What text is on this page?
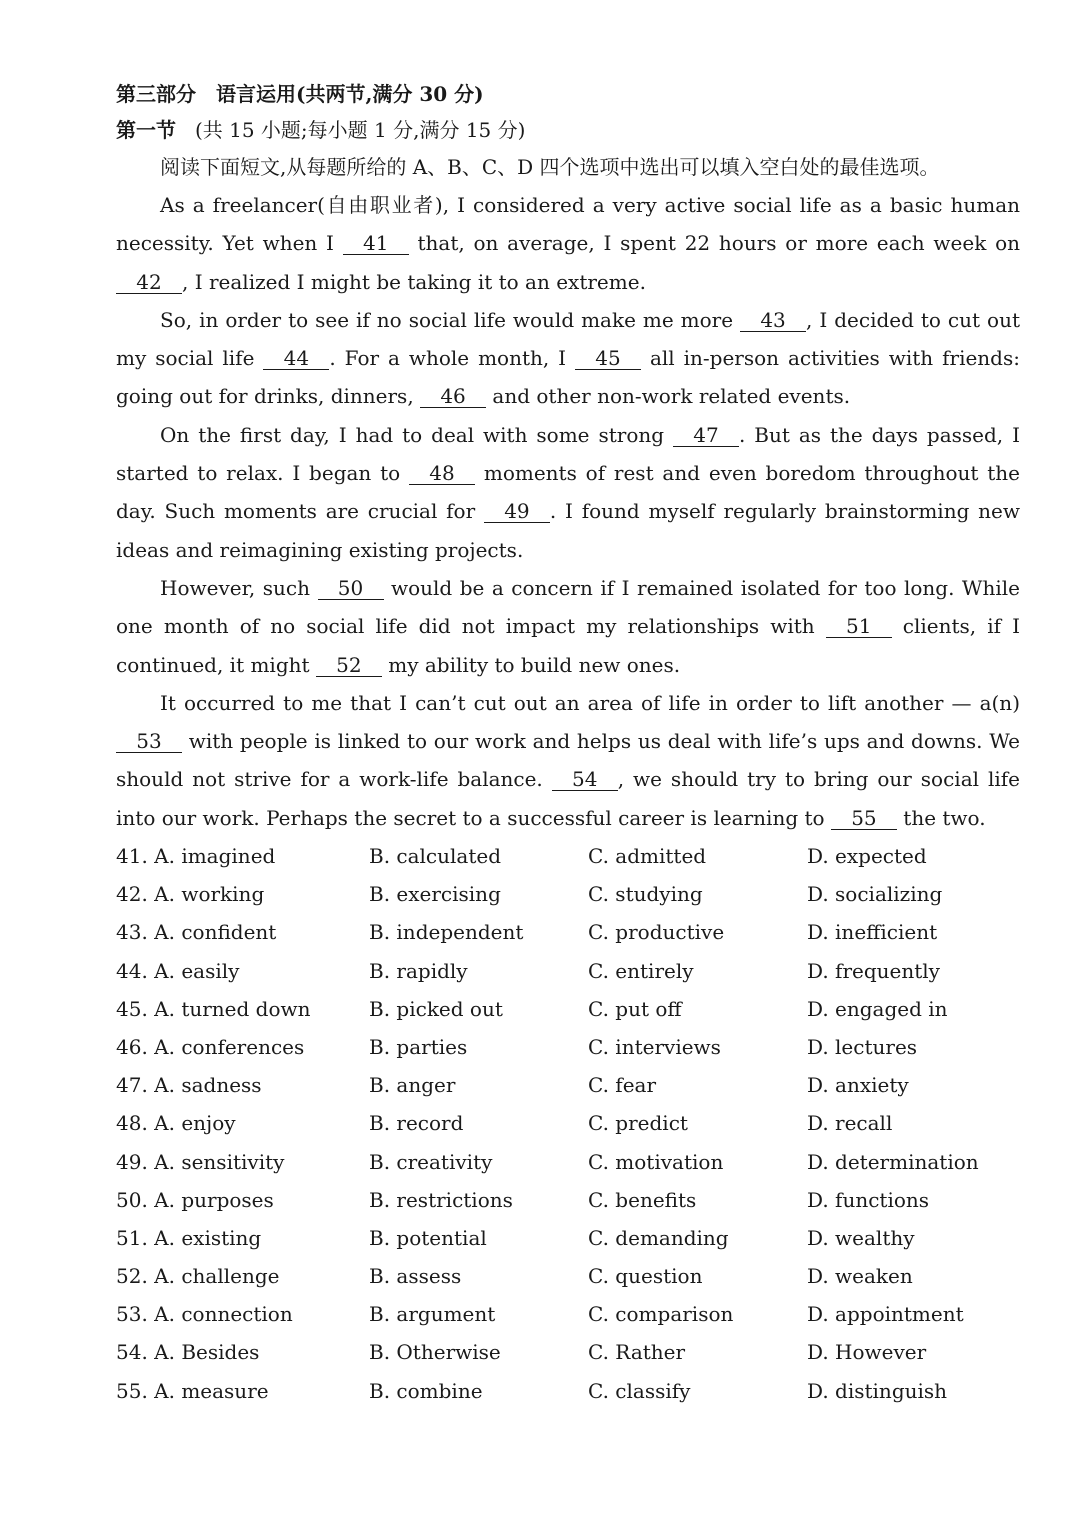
第三部分　语言运用(共两节,满分 30 分)
第一节 (共 15 小题;每小题 1 分,满分 15 分)
阅读下面短文,从每题所给的 A、B、C、D 四个选项中选出可以填入空白处的最佳选项。

As a freelancer(自由职业者), I considered a very active social life as a basic human necessity. Yet when I 41 that, on average, I spent 22 hours or more each week on 42 , I realized I might be taking it to an extreme.

So, in order to see if no social life would make me more 43 , I decided to cut out my social life 44 . For a whole month, I 45 all in-person activities with friends: going out for drinks, dinners, 46 and other non-work related events.

On the first day, I had to deal with some strong 47 . But as the days passed, I started to relax. I began to 48 moments of rest and even boredom throughout the day. Such moments are crucial for 49 . I found myself regularly brainstorming new ideas and reimagining existing projects.

However, such 50 would be a concern if I remained isolated for too long. While one month of no social life did not impact my relationships with 51 clients, if I continued, it might 52 my ability to build new ones.

It occurred to me that I can’t cut out an area of life in order to lift another — a(n) 53 with people is linked to our work and helps us deal with life’s ups and downs. We should not strive for a work-life balance. 54 , we should try to bring our social life into our work. Perhaps the secret to a successful career is learning to 55 the two.

41. A. imagined	B. calculated	C. admitted	D. expected
42. A. working	B. exercising	C. studying	D. socializing
43. A. confident	B. independent	C. productive	D. inefficient
44. A. easily	B. rapidly	C. entirely	D. frequently
45. A. turned down	B. picked out	C. put off	D. engaged in
46. A. conferences	B. parties	C. interviews	D. lectures
47. A. sadness	B. anger	C. fear	D. anxiety
48. A. enjoy	B. record	C. predict	D. recall
49. A. sensitivity	B. creativity	C. motivation	D. determination
50. A. purposes	B. restrictions	C. benefits	D. functions
51. A. existing	B. potential	C. demanding	D. wealthy
52. A. challenge	B. assess	C. question	D. weaken
53. A. connection	B. argument	C. comparison	D. appointment
54. A. Besides	B. Otherwise	C. Rather	D. However
55. A. measure	B. combine	C. classify	D. distinguish
